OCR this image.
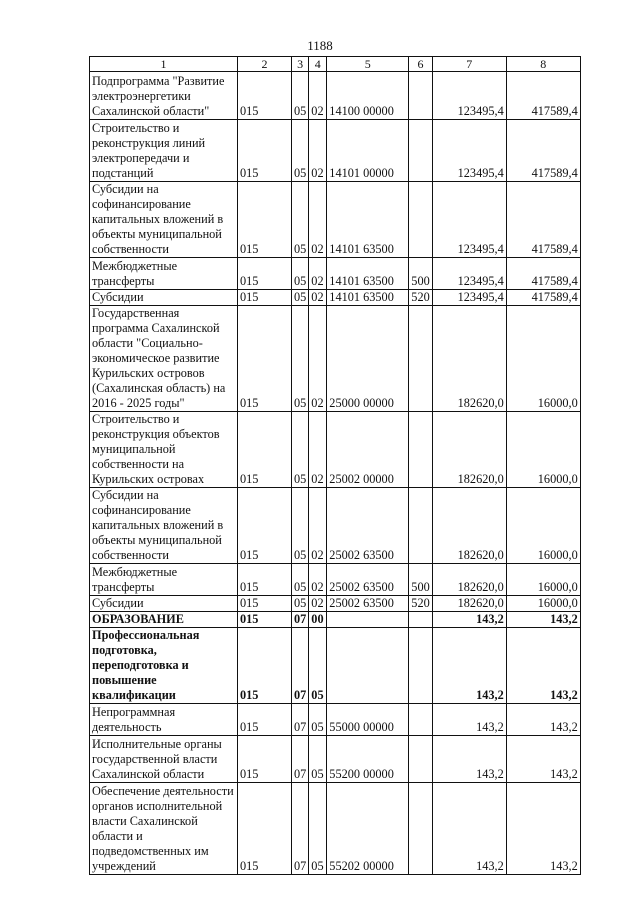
1188
1	2	3	4	5	6	7	8
Подпрограмма "Развитие электроэнергетики Сахалинской области"	015	05	02	14100 00000		123495,4	417589,4
Строительство и реконструкция линий электропередачи и подстанций	015	05	02	14101 00000		123495,4	417589,4
Субсидии на софинансирование капитальных вложений в объекты муниципальной собственности	015	05	02	14101 63500		123495,4	417589,4
Межбюджетные трансферты	015	05	02	14101 63500	500	123495,4	417589,4
Субсидии	015	05	02	14101 63500	520	123495,4	417589,4
Государственная программа Сахалинской области "Социально-экономическое развитие Курильских островов (Сахалинская область) на 2016 - 2025 годы"	015	05	02	25000 00000		182620,0	16000,0
Строительство и реконструкция объектов муниципальной собственности на Курильских островах	015	05	02	25002 00000		182620,0	16000,0
Субсидии на софинансирование капитальных вложений в объекты муниципальной собственности	015	05	02	25002 63500		182620,0	16000,0
Межбюджетные трансферты	015	05	02	25002 63500	500	182620,0	16000,0
Субсидии	015	05	02	25002 63500	520	182620,0	16000,0
ОБРАЗОВАНИЕ	015	07	00			143,2	143,2
Профессиональная подготовка, переподготовка и повышение квалификации	015	07	05			143,2	143,2
Непрограммная деятельность	015	07	05	55000 00000		143,2	143,2
Исполнительные органы государственной власти Сахалинской области	015	07	05	55200 00000		143,2	143,2
Обеспечение деятельности органов исполнительной власти Сахалинской области и подведомственных им учреждений	015	07	05	55202 00000		143,2	143,2
